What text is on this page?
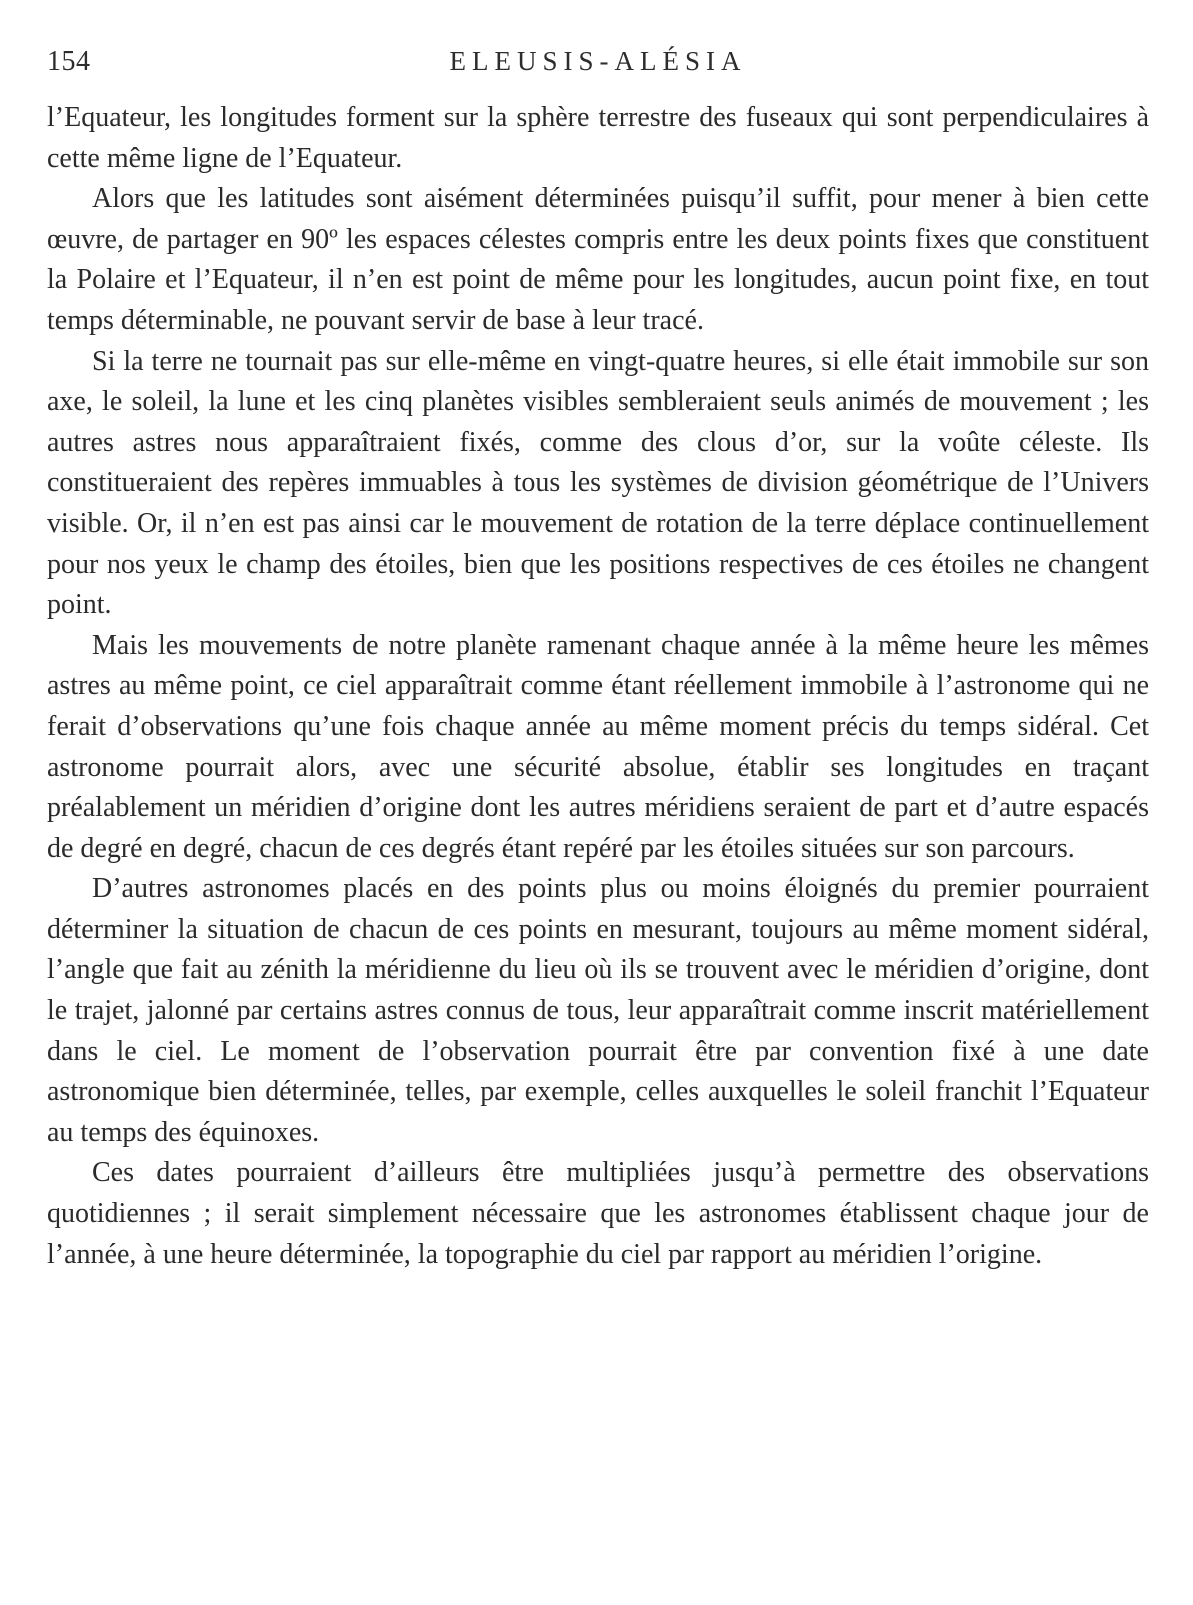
154	ELEUSIS-ALÉSIA

l’Equateur, les longitudes forment sur la sphère terrestre des fuseaux qui sont perpendiculaires à cette même ligne de l’Equateur.

Alors que les latitudes sont aisément déterminées puisqu’il suffit, pour mener à bien cette œuvre, de partager en 90º les espaces célestes compris entre les deux points fixes que constituent la Polaire et l’Equateur, il n’en est point de même pour les longitudes, aucun point fixe, en tout temps déterminable, ne pouvant servir de base à leur tracé.

Si la terre ne tournait pas sur elle-même en vingt-quatre heures, si elle était immobile sur son axe, le soleil, la lune et les cinq planètes visibles sembleraient seuls animés de mouvement ; les autres astres nous apparaîtraient fixés, comme des clous d’or, sur la voûte céleste. Ils constitueraient des repères immuables à tous les systèmes de division géométrique de l’Univers visible. Or, il n’en est pas ainsi car le mouvement de rotation de la terre déplace continuellement pour nos yeux le champ des étoiles, bien que les positions respectives de ces étoiles ne changent point.

Mais les mouvements de notre planète ramenant chaque année à la même heure les mêmes astres au même point, ce ciel apparaîtrait comme étant réellement immobile à l’astronome qui ne ferait d’observations qu’une fois chaque année au même moment précis du temps sidéral. Cet astronome pourrait alors, avec une sécurité absolue, établir ses longitudes en traçant préalablement un méridien d’origine dont les autres méridiens seraient de part et d’autre espacés de degré en degré, chacun de ces degrés étant repéré par les étoiles situées sur son parcours.

D’autres astronomes placés en des points plus ou moins éloignés du premier pourraient déterminer la situation de chacun de ces points en mesurant, toujours au même moment sidéral, l’angle que fait au zénith la méridienne du lieu où ils se trouvent avec le méridien d’origine, dont le trajet, jalonné par certains astres connus de tous, leur apparaîtrait comme inscrit matériellement dans le ciel. Le moment de l’observation pourrait être par convention fixé à une date astronomique bien déterminée, telles, par exemple, celles auxquelles le soleil franchit l’Equateur au temps des équinoxes.

Ces dates pourraient d’ailleurs être multipliées jusqu’à permettre des observations quotidiennes ; il serait simplement nécessaire que les astronomes établissent chaque jour de l’année, à une heure déterminée, la topographie du ciel par rapport au méridien l’origine.
